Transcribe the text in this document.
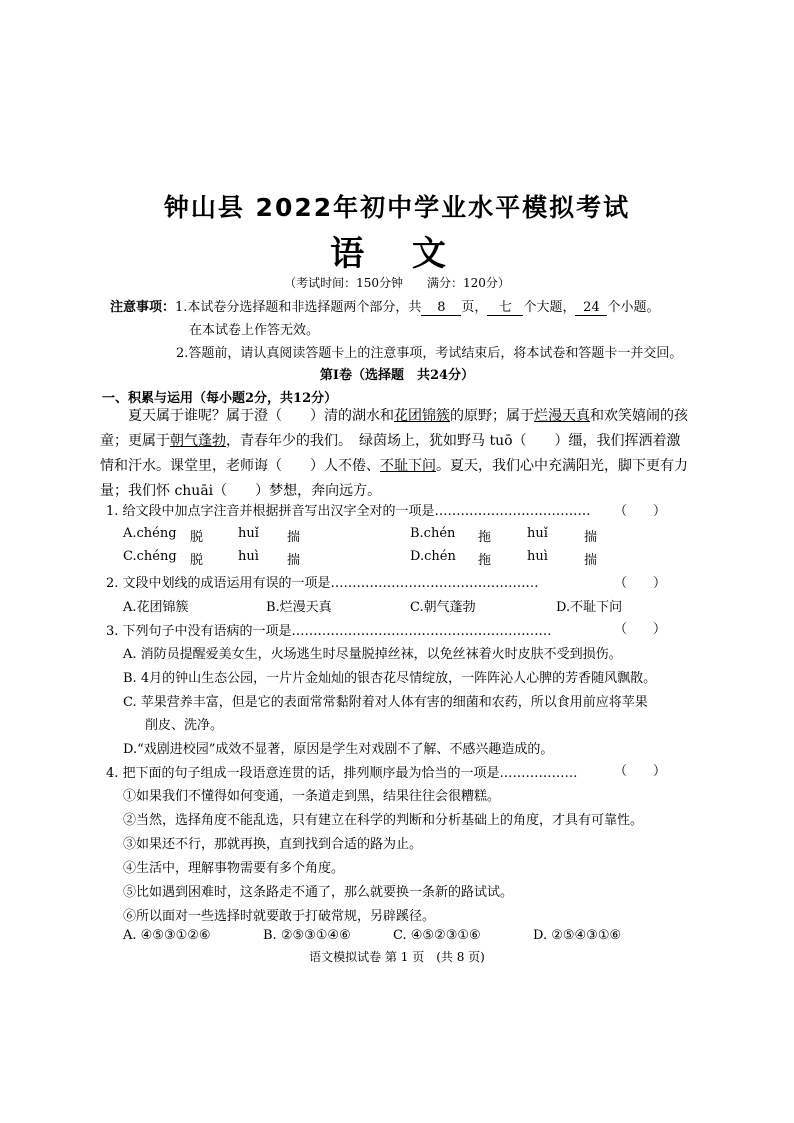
钟山县 2022年初中学业水平模拟考试
语 文
（考试时间：150分钟　　满分：120分）
注意事项：1.本试卷分选择题和非选择题两个部分，共 8 页， 七 个大题， 24 个小题。
在本试卷上作答无效。
2.答题前，请认真阅读答题卡上的注意事项，考试结束后，将本试卷和答题卡一并交回。
第Ⅰ卷（选择题　共24分）
一、积累与运用（每小题2分，共12分）
夏天属于谁呢？属于澄（　　）清的湖水和花团锦簇的原野；属于烂漫天真和欢笑嬉闹的孩童；更属于朝气蓬勃，青春年少的我们。　绿茵场上，犹如野马 tuō（　　）缰，我们挥洒着激情和汗水。课堂里，老师诲（　　）人不倦、不耻下问。夏天，我们心中充满阳光，脚下更有力量；我们怀 chuāi（　　）梦想，奔向远方。
1. 给文段中加点字注音并根据拼音写出汉字全对的一项是……………………………… （　　）
A.chéng 脱	huǐ 揣	B.chén 拖	huǐ	揣
C.chéng 脱	huì 揣	D.chén 拖	huì	揣
2. 文段中划线的成语运用有误的一项是…………………………………………	（　　）
A.花团锦簇	B.烂漫天真	C.朝气蓬勃	D.不耻下问
3. 下列句子中没有语病的一项是……………………………………………………	（　　）
A. 消防员提醒爱美女生，火场逃生时尽量脱掉丝袜，以免丝袜着火时皮肤不受到损伤。
B. 4月的钟山生态公园，一片片金灿灿的银杏花尽情绽放，一阵阵沁人心脾的芳香随风飘散。
C. 苹果营养丰富，但是它的表面常常黏附着对人体有害的细菌和农药，所以食用前应将苹果
削皮、洗净。
D.“戏剧进校园”成效不显著，原因是学生对戏剧不了解、不感兴趣造成的。
4. 把下面的句子组成一段语意连贯的话，排列顺序最为恰当的一项是………………	（　　）
①如果我们不懂得如何变通，一条道走到黑，结果往往会很糟糕。
②当然，选择角度不能乱选，只有建立在科学的判断和分析基础上的角度，才具有可靠性。
③如果还不行，那就再换，直到找到合适的路为止。
④生活中，理解事物需要有多个角度。
⑤比如遇到困难时，这条路走不通了，那么就要换一条新的路试试。
⑥所以面对一些选择时就要敢于打破常规，另辟蹊径。
A. ④⑤③①②⑥	B. ②⑤③①④⑥	C. ④⑤②③①⑥	D. ②⑤④③①⑥
语文模拟试卷 第 1 页　(共 8 页)
